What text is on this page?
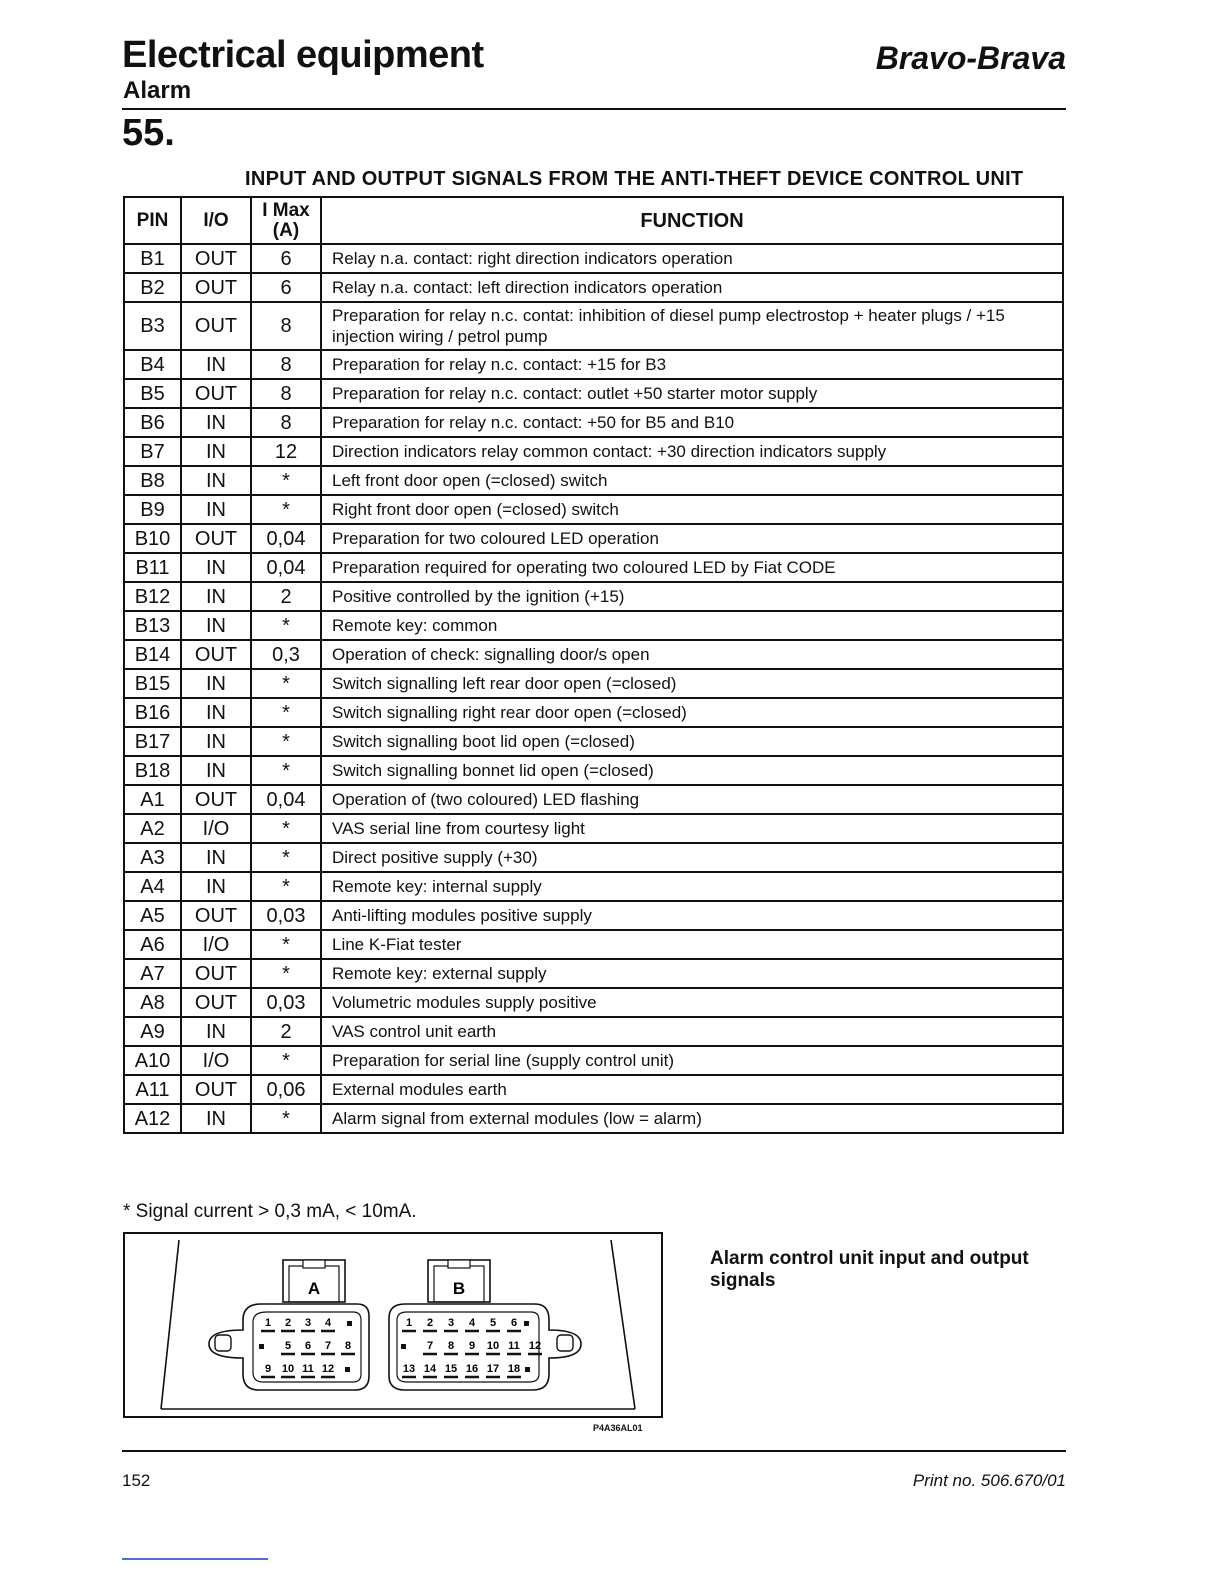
Electrical equipment
Alarm
Bravo-Brava
55.
INPUT AND OUTPUT SIGNALS FROM THE ANTI-THEFT DEVICE CONTROL UNIT
PIN	I/O	I Max
(A)	FUNCTION
B1	OUT	6	Relay n.a. contact: right direction indicators operation
B2	OUT	6	Relay n.a. contact: left direction indicators operation
B3	OUT	8	Preparation for relay n.c. contat: inhibition of diesel pump electrostop + heater plugs / +15 injection wiring / petrol pump
B4	IN	8	Preparation for relay n.c. contact: +15 for B3
B5	OUT	8	Preparation for relay n.c. contact: outlet +50 starter motor supply
B6	IN	8	Preparation for relay n.c. contact: +50 for B5 and B10
B7	IN	12	Direction indicators relay common contact: +30 direction indicators supply
B8	IN	*	Left front door open (=closed) switch
B9	IN	*	Right front door open (=closed) switch
B10	OUT	0,04	Preparation for two coloured LED operation
B11	IN	0,04	Preparation required for operating two coloured LED by Fiat CODE
B12	IN	2	Positive controlled by the ignition (+15)
B13	IN	*	Remote key: common
B14	OUT	0,3	Operation of check: signalling door/s open
B15	IN	*	Switch signalling left rear door open (=closed)
B16	IN	*	Switch signalling right rear door open (=closed)
B17	IN	*	Switch signalling boot lid open (=closed)
B18	IN	*	Switch signalling bonnet lid open (=closed)
A1	OUT	0,04	Operation of (two coloured) LED flashing
A2	I/O	*	VAS serial line from courtesy light
A3	IN	*	Direct positive supply (+30)
A4	IN	*	Remote key: internal supply
A5	OUT	0,03	Anti-lifting modules positive supply
A6	I/O	*	Line K-Fiat tester
A7	OUT	*	Remote key: external supply
A8	OUT	0,03	Volumetric modules supply positive
A9	IN	2	VAS control unit earth
A10	I/O	*	Preparation for serial line (supply control unit)
A11	OUT	0,06	External modules earth
A12	IN	*	Alarm signal from external modules (low = alarm)
* Signal current > 0,3 mA, < 10mA.
A
1 2 3 4
5 6 7 8
9 10 11 12
B
1 2 3 4 5 6
7 8 9 10 11 12
13 14 15 16 17 18
P4A36AL01
Alarm control unit input and output signals
152	Print no. 506.670/01
